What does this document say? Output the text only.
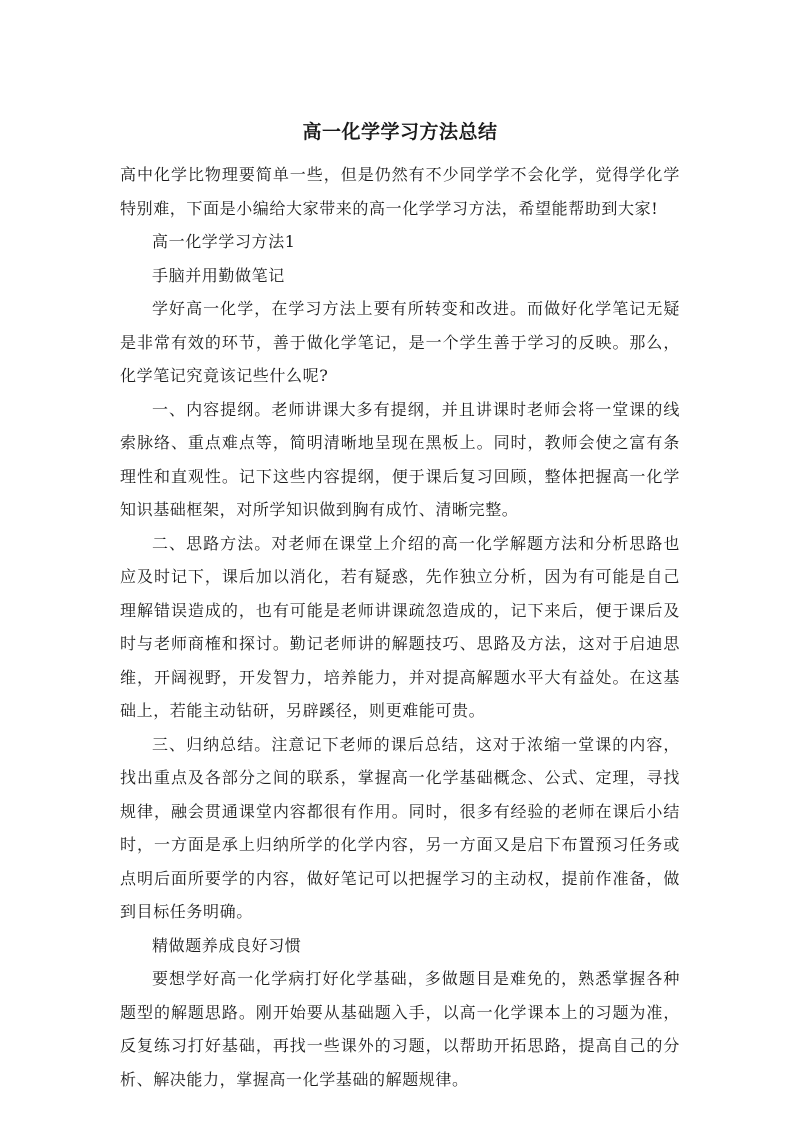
高一化学学习方法总结

高中化学比物理要简单一些，但是仍然有不少同学学不会化学，觉得学化学特别难，下面是小编给大家带来的高一化学学习方法，希望能帮助到大家!

高一化学学习方法1

手脑并用勤做笔记

学好高一化学，在学习方法上要有所转变和改进。而做好化学笔记无疑是非常有效的环节，善于做化学笔记，是一个学生善于学习的反映。那么，化学笔记究竟该记些什么呢?

一、内容提纲。老师讲课大多有提纲，并且讲课时老师会将一堂课的线索脉络、重点难点等，简明清晰地呈现在黑板上。同时，教师会使之富有条理性和直观性。记下这些内容提纲，便于课后复习回顾，整体把握高一化学知识基础框架，对所学知识做到胸有成竹、清晰完整。

二、思路方法。对老师在课堂上介绍的高一化学解题方法和分析思路也应及时记下，课后加以消化，若有疑惑，先作独立分析，因为有可能是自己理解错误造成的，也有可能是老师讲课疏忽造成的，记下来后，便于课后及时与老师商榷和探讨。勤记老师讲的解题技巧、思路及方法，这对于启迪思维，开阔视野，开发智力，培养能力，并对提高解题水平大有益处。在这基础上，若能主动钻研，另辟蹊径，则更难能可贵。

三、归纳总结。注意记下老师的课后总结，这对于浓缩一堂课的内容，找出重点及各部分之间的联系，掌握高一化学基础概念、公式、定理，寻找规律，融会贯通课堂内容都很有作用。同时，很多有经验的老师在课后小结时，一方面是承上归纳所学的化学内容，另一方面又是启下布置预习任务或点明后面所要学的内容，做好笔记可以把握学习的主动权，提前作准备，做到目标任务明确。

精做题养成良好习惯

要想学好高一化学病打好化学基础，多做题目是难免的，熟悉掌握各种题型的解题思路。刚开始要从基础题入手，以高一化学课本上的习题为准，反复练习打好基础，再找一些课外的习题，以帮助开拓思路，提高自己的分析、解决能力，掌握高一化学基础的解题规律。
